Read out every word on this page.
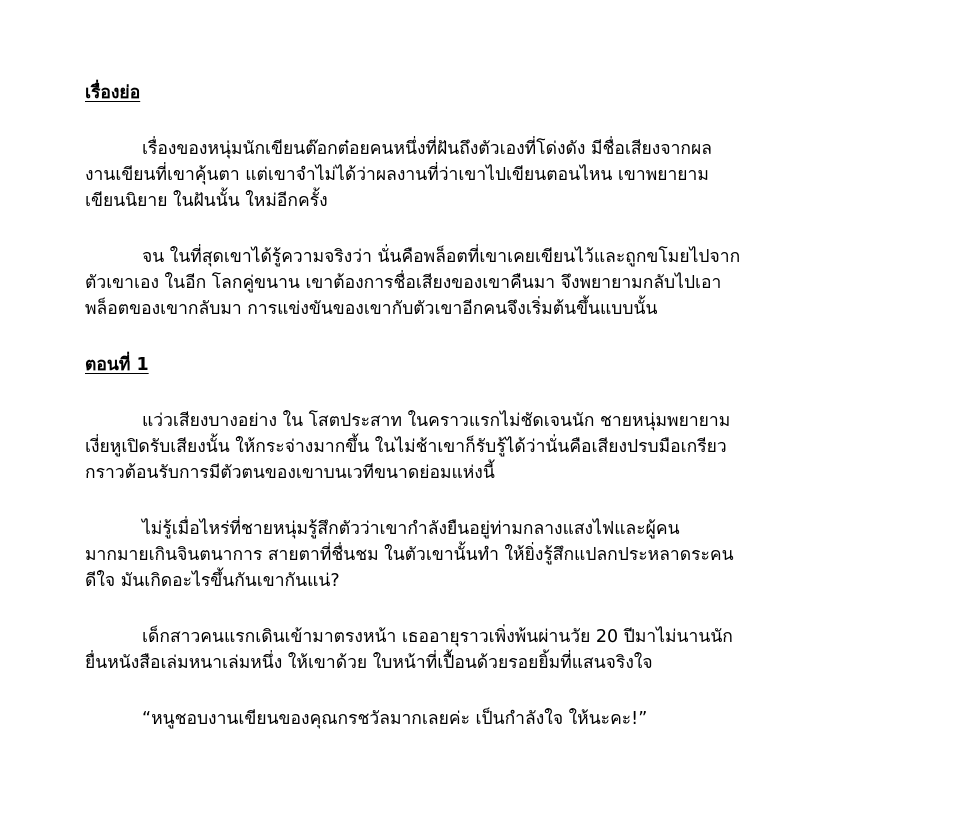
เรื่องย่อ

เรื่องของหนุ่มนักเขียนต๊อกต๋อยคนหนึ่งที่ฝันถึงตัวเองที่โด่งดัง มีชื่อเสียงจากผล
งานเขียนที่เขาคุ้นตา แต่เขาจำไม่ได้ว่าผลงานที่ว่าเขาไปเขียนตอนไหน เขาพยายาม
เขียนนิยาย ในฝันนั้น ใหม่อีกครั้ง

จน ในที่สุดเขาได้รู้ความจริงว่า นั่นคือพล็อตที่เขาเคยเขียนไว้และถูกขโมยไปจาก
ตัวเขาเอง ในอีก โลกคู่ขนาน เขาต้องการชื่อเสียงของเขาคืนมา จึงพยายามกลับไปเอา
พล็อตของเขากลับมา การแข่งขันของเขากับตัวเขาอีกคนจึงเริ่มต้นขึ้นแบบนั้น

ตอนที่ 1

แว่วเสียงบางอย่าง ใน โสตประสาท ในคราวแรกไม่ชัดเจนนัก ชายหนุ่มพยายาม
เงี่ยหูเปิดรับเสียงนั้น ให้กระจ่างมากขึ้น ในไม่ช้าเขาก็รับรู้ได้ว่านั่นคือเสียงปรบมือเกรียว
กราวต้อนรับการมีตัวตนของเขาบนเวทีขนาดย่อมแห่งนี้

ไม่รู้เมื่อไหร่ที่ชายหนุ่มรู้สึกตัวว่าเขากำลังยืนอยู่ท่ามกลางแสงไฟและผู้คน
มากมายเกินจินตนาการ สายตาที่ชื่นชม ในตัวเขานั้นทำ ให้ยิ่งรู้สึกแปลกประหลาดระคน
ดีใจ มันเกิดอะไรขึ้นกันเขากันแน่?

เด็กสาวคนแรกเดินเข้ามาตรงหน้า เธออายุราวเพิ่งพ้นผ่านวัย 20 ปีมาไม่นานนัก
ยื่นหนังสือเล่มหนาเล่มหนึ่ง ให้เขาด้วย ใบหน้าที่เปื้อนด้วยรอยยิ้มที่แสนจริงใจ

“หนูชอบงานเขียนของคุณกรชวัลมากเลยค่ะ เป็นกำลังใจ ให้นะคะ!”
